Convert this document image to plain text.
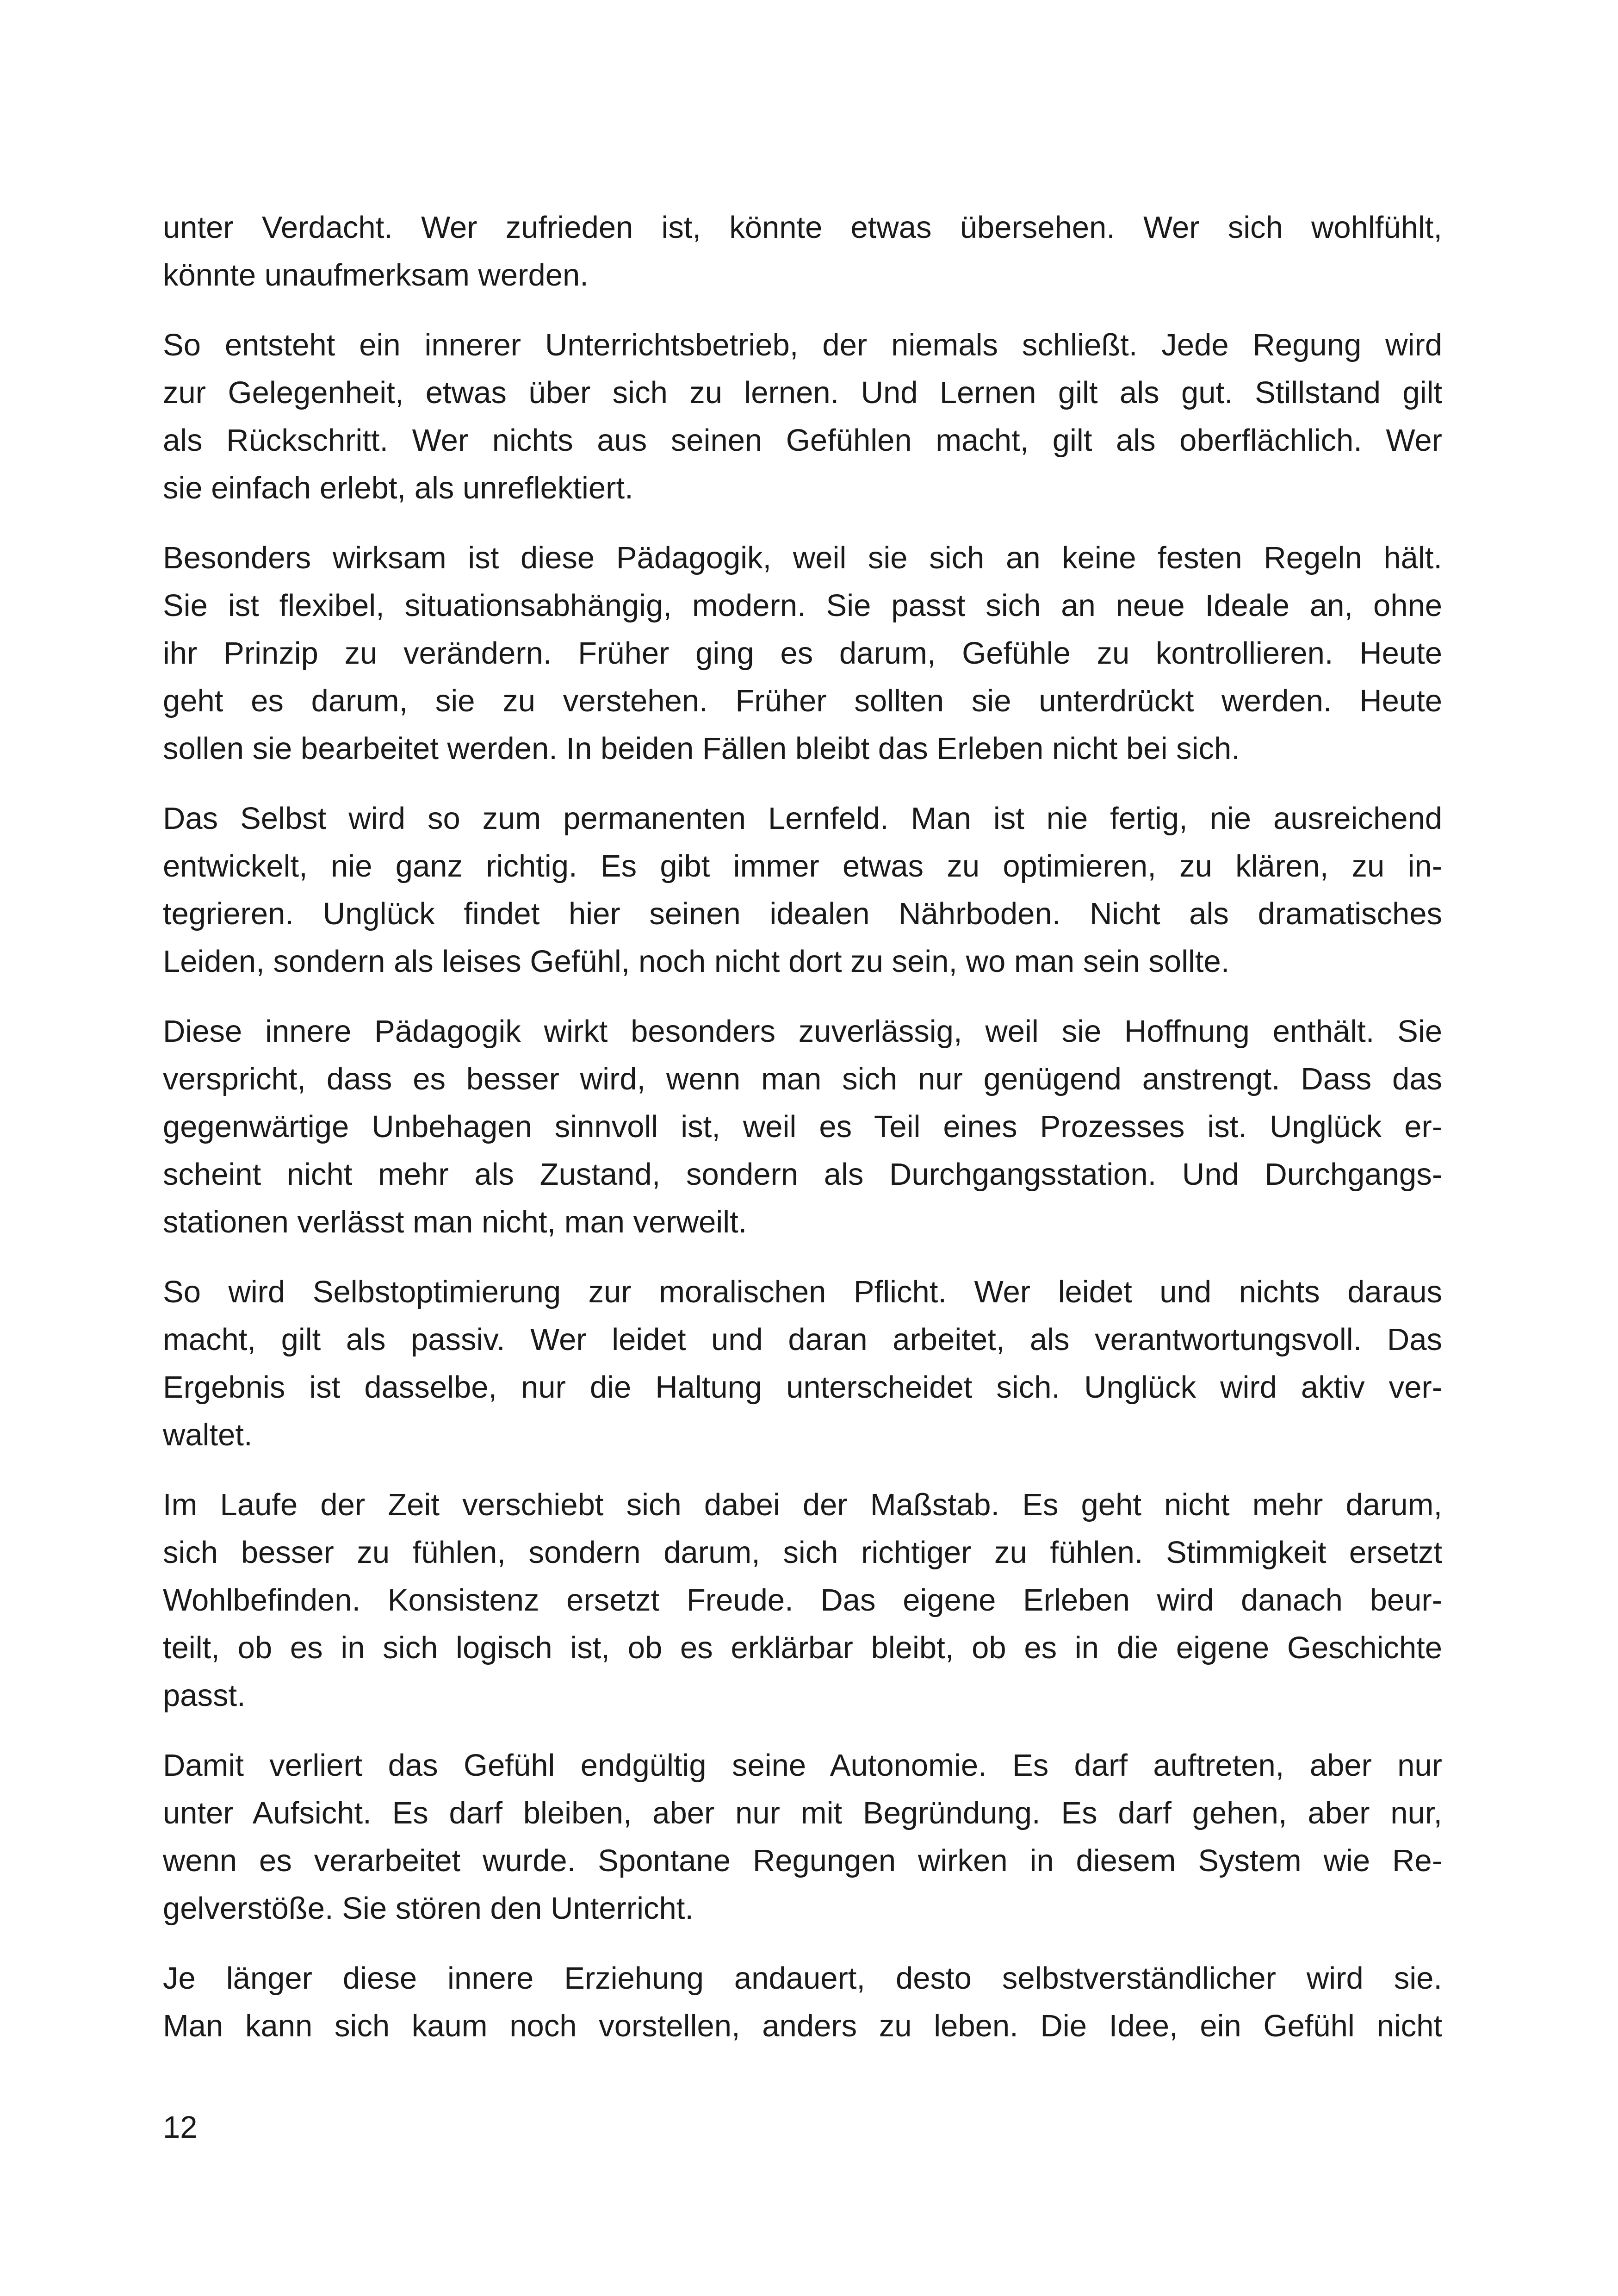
unter Verdacht. Wer zufrieden ist, könnte etwas übersehen. Wer sich wohlfühlt,
könnte unaufmerksam werden.
So entsteht ein innerer Unterrichtsbetrieb, der niemals schließt. Jede Regung wird
zur Gelegenheit, etwas über sich zu lernen. Und Lernen gilt als gut. Stillstand gilt
als Rückschritt. Wer nichts aus seinen Gefühlen macht, gilt als oberflächlich. Wer
sie einfach erlebt, als unreflektiert.
Besonders wirksam ist diese Pädagogik, weil sie sich an keine festen Regeln hält.
Sie ist flexibel, situationsabhängig, modern. Sie passt sich an neue Ideale an, ohne
ihr Prinzip zu verändern. Früher ging es darum, Gefühle zu kontrollieren. Heute
geht es darum, sie zu verstehen. Früher sollten sie unterdrückt werden. Heute
sollen sie bearbeitet werden. In beiden Fällen bleibt das Erleben nicht bei sich.
Das Selbst wird so zum permanenten Lernfeld. Man ist nie fertig, nie ausreichend
entwickelt, nie ganz richtig. Es gibt immer etwas zu optimieren, zu klären, zu in-
tegrieren. Unglück findet hier seinen idealen Nährboden. Nicht als dramatisches
Leiden, sondern als leises Gefühl, noch nicht dort zu sein, wo man sein sollte.
Diese innere Pädagogik wirkt besonders zuverlässig, weil sie Hoffnung enthält. Sie
verspricht, dass es besser wird, wenn man sich nur genügend anstrengt. Dass das
gegenwärtige Unbehagen sinnvoll ist, weil es Teil eines Prozesses ist. Unglück er-
scheint nicht mehr als Zustand, sondern als Durchgangsstation. Und Durchgangs-
stationen verlässt man nicht, man verweilt.
So wird Selbstoptimierung zur moralischen Pflicht. Wer leidet und nichts daraus
macht, gilt als passiv. Wer leidet und daran arbeitet, als verantwortungsvoll. Das
Ergebnis ist dasselbe, nur die Haltung unterscheidet sich. Unglück wird aktiv ver-
waltet.
Im Laufe der Zeit verschiebt sich dabei der Maßstab. Es geht nicht mehr darum,
sich besser zu fühlen, sondern darum, sich richtiger zu fühlen. Stimmigkeit ersetzt
Wohlbefinden. Konsistenz ersetzt Freude. Das eigene Erleben wird danach beur-
teilt, ob es in sich logisch ist, ob es erklärbar bleibt, ob es in die eigene Geschichte
passt.
Damit verliert das Gefühl endgültig seine Autonomie. Es darf auftreten, aber nur
unter Aufsicht. Es darf bleiben, aber nur mit Begründung. Es darf gehen, aber nur,
wenn es verarbeitet wurde. Spontane Regungen wirken in diesem System wie Re-
gelverstöße. Sie stören den Unterricht.
Je länger diese innere Erziehung andauert, desto selbstverständlicher wird sie.
Man kann sich kaum noch vorstellen, anders zu leben. Die Idee, ein Gefühl nicht
12
